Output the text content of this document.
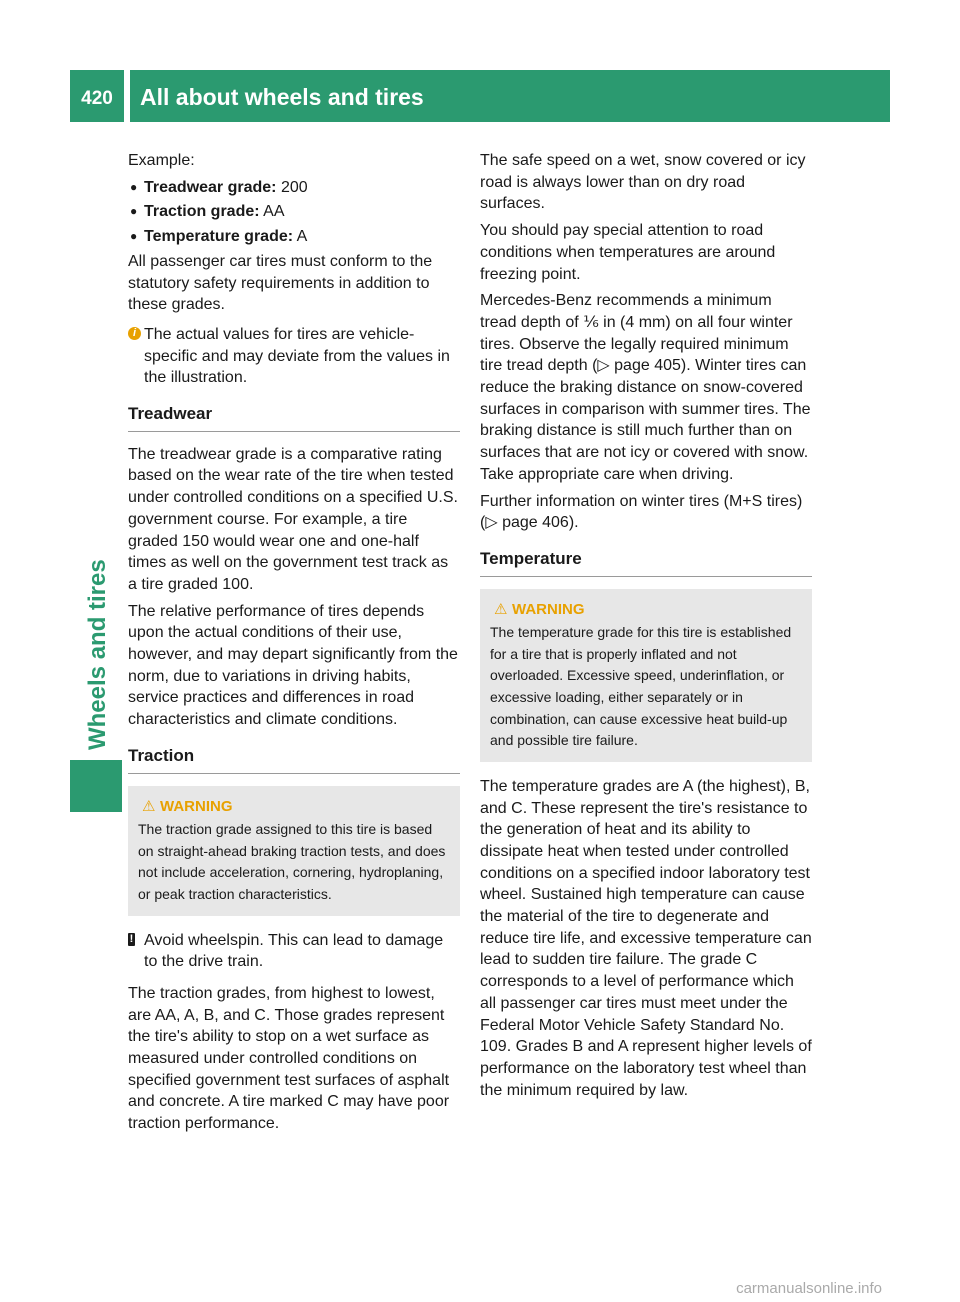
420	All about wheels and tires
Wheels and tires

Example:

● Treadwear grade: 200
● Traction grade: AA
● Temperature grade: A

All passenger car tires must conform to the statutory safety requirements in addition to these grades.

i The actual values for tires are vehicle-specific and may deviate from the values in the illustration.
Treadwear

The treadwear grade is a comparative rating based on the wear rate of the tire when tested under controlled conditions on a specified U.S. government course. For example, a tire graded 150 would wear one and one-half times as well on the government test track as a tire graded 100.

The relative performance of tires depends upon the actual conditions of their use, however, and may depart significantly from the norm, due to variations in driving habits, service practices and differences in road characteristics and climate conditions.

Traction
⚠ WARNING
The traction grade assigned to this tire is based on straight-ahead braking traction tests, and does not include acceleration, cornering, hydroplaning, or peak traction characteristics.
! Avoid wheelspin. This can lead to damage to the drive train.

The traction grades, from highest to lowest, are AA, A, B, and C. Those grades represent the tire's ability to stop on a wet surface as measured under controlled conditions on specified government test surfaces of asphalt and concrete. A tire marked C may have poor traction performance.

The safe speed on a wet, snow covered or icy road is always lower than on dry road surfaces.

You should pay special attention to road conditions when temperatures are around freezing point.

Mercedes-Benz recommends a minimum tread depth of ⅙ in (4 mm) on all four winter tires. Observe the legally required minimum tire tread depth (▷ page 405). Winter tires can reduce the braking distance on snow-covered surfaces in comparison with summer tires. The braking distance is still much further than on surfaces that are not icy or covered with snow. Take appropriate care when driving.

Further information on winter tires (M+S tires) (▷ page 406).

Temperature
⚠ WARNING
The temperature grade for this tire is established for a tire that is properly inflated and not overloaded. Excessive speed, underinflation, or excessive loading, either separately or in combination, can cause excessive heat build-up and possible tire failure.

The temperature grades are A (the highest), B, and C. These represent the tire's resistance to the generation of heat and its ability to dissipate heat when tested under controlled conditions on a specified indoor laboratory test wheel. Sustained high temperature can cause the material of the tire to degenerate and reduce tire life, and excessive temperature can lead to sudden tire failure. The grade C corresponds to a level of performance which all passenger car tires must meet under the Federal Motor Vehicle Safety Standard No. 109. Grades B and A represent higher levels of performance on the laboratory test wheel than the minimum required by law.

carmanualsonline.info
